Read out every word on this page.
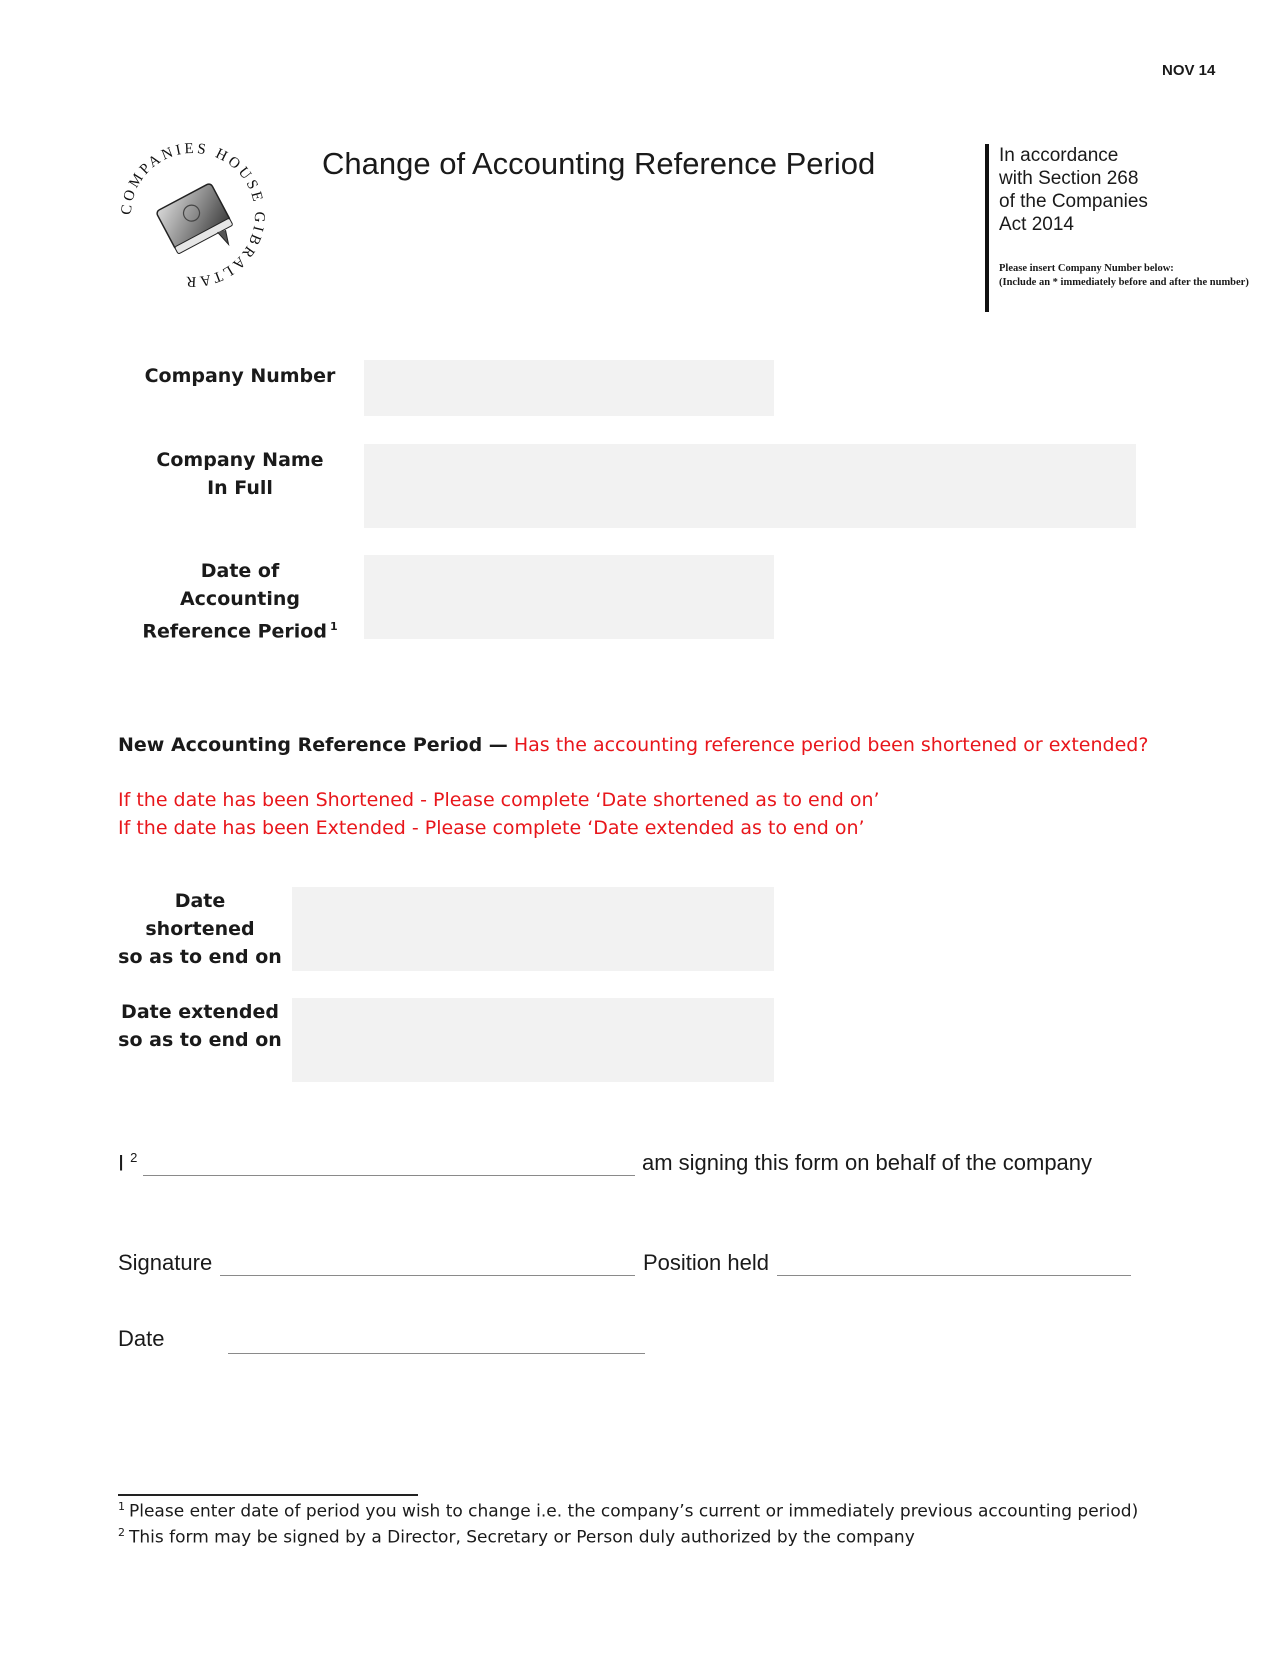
NOV 14
COMPANIES HOUSE GIBRALTAR
Change of Accounting Reference Period	In accordance
with Section 268
of the Companies
Act 2014
Please insert Company Number below:
(Include an * immediately before and after the number)
Company Number
Company Name
In Full
Date of Accounting
Reference Period $^1$
New Accounting Reference Period — Has the accounting reference period been shortened or extended?
If the date has been Shortened - Please complete ‘Date shortened as to end on’
If the date has been Extended - Please complete ‘Date extended as to end on’
Date shortened
so as to end on
Date extended
so as to end on
I $^2$	am signing this form on behalf of the company
Signature	Position held
Date
$^1$ Please enter date of period you wish to change i.e. the company’s current or immediately previous accounting period)
$^2$ This form may be signed by a Director, Secretary or Person duly authorized by the company
